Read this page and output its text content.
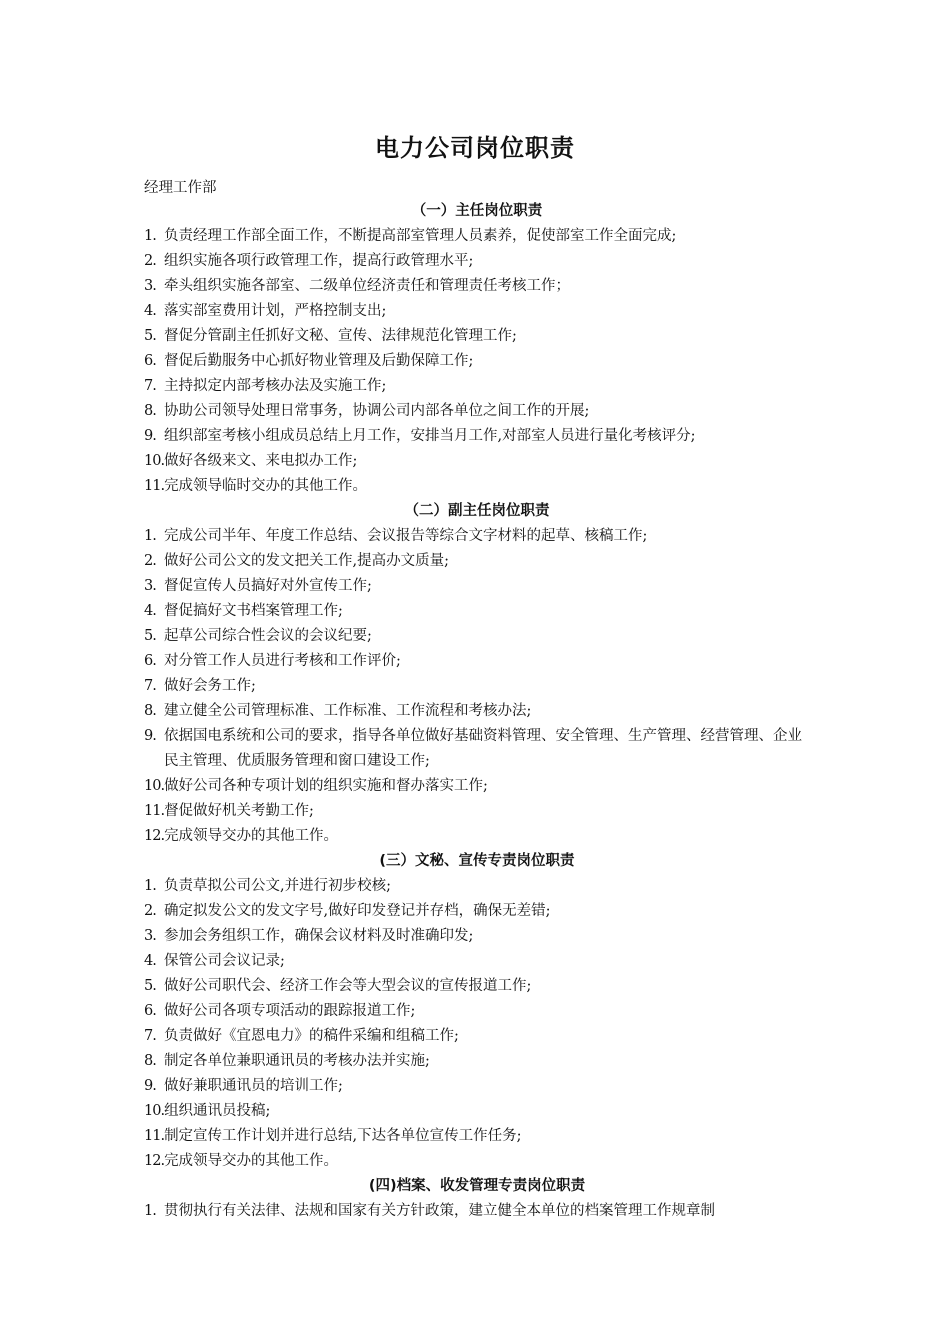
电力公司岗位职责
经理工作部
（一）主任岗位职责
1. 负责经理工作部全面工作，不断提高部室管理人员素养，促使部室工作全面完成;
2. 组织实施各项行政管理工作，提高行政管理水平;
3. 牵头组织实施各部室、二级单位经济责任和管理责任考核工作；
4. 落实部室费用计划，严格控制支出;
5. 督促分管副主任抓好文秘、宣传、法律规范化管理工作;
6. 督促后勤服务中心抓好物业管理及后勤保障工作;
7. 主持拟定内部考核办法及实施工作;
8. 协助公司领导处理日常事务，协调公司内部各单位之间工作的开展;
9. 组织部室考核小组成员总结上月工作，安排当月工作,对部室人员进行量化考核评分;
10. 做好各级来文、来电拟办工作;
11. 完成领导临时交办的其他工作。
（二）副主任岗位职责
1. 完成公司半年、年度工作总结、会议报告等综合文字材料的起草、核稿工作;
2. 做好公司公文的发文把关工作,提高办文质量;
3. 督促宣传人员搞好对外宣传工作;
4. 督促搞好文书档案管理工作;
5. 起草公司综合性会议的会议纪要;
6. 对分管工作人员进行考核和工作评价;
7. 做好会务工作;
8. 建立健全公司管理标准、工作标准、工作流程和考核办法;
9. 依据国电系统和公司的要求，指导各单位做好基础资料管理、安全管理、生产管理、经营管理、企业民主管理、优质服务管理和窗口建设工作;
10. 做好公司各种专项计划的组织实施和督办落实工作;
11. 督促做好机关考勤工作;
12. 完成领导交办的其他工作。
(三）文秘、宣传专责岗位职责
1. 负责草拟公司公文,并进行初步校核;
2. 确定拟发公文的发文字号,做好印发登记并存档，确保无差错;
3. 参加会务组织工作，确保会议材料及时准确印发;
4. 保管公司会议记录;
5. 做好公司职代会、经济工作会等大型会议的宣传报道工作;
6. 做好公司各项专项活动的跟踪报道工作;
7. 负责做好《宜恩电力》的稿件采编和组稿工作;
8. 制定各单位兼职通讯员的考核办法并实施;
9. 做好兼职通讯员的培训工作;
10. 组织通讯员投稿;
11. 制定宣传工作计划并进行总结,下达各单位宣传工作任务;
12. 完成领导交办的其他工作。
(四)档案、收发管理专责岗位职责
1. 贯彻执行有关法律、法规和国家有关方针政策，建立健全本单位的档案管理工作规章制
